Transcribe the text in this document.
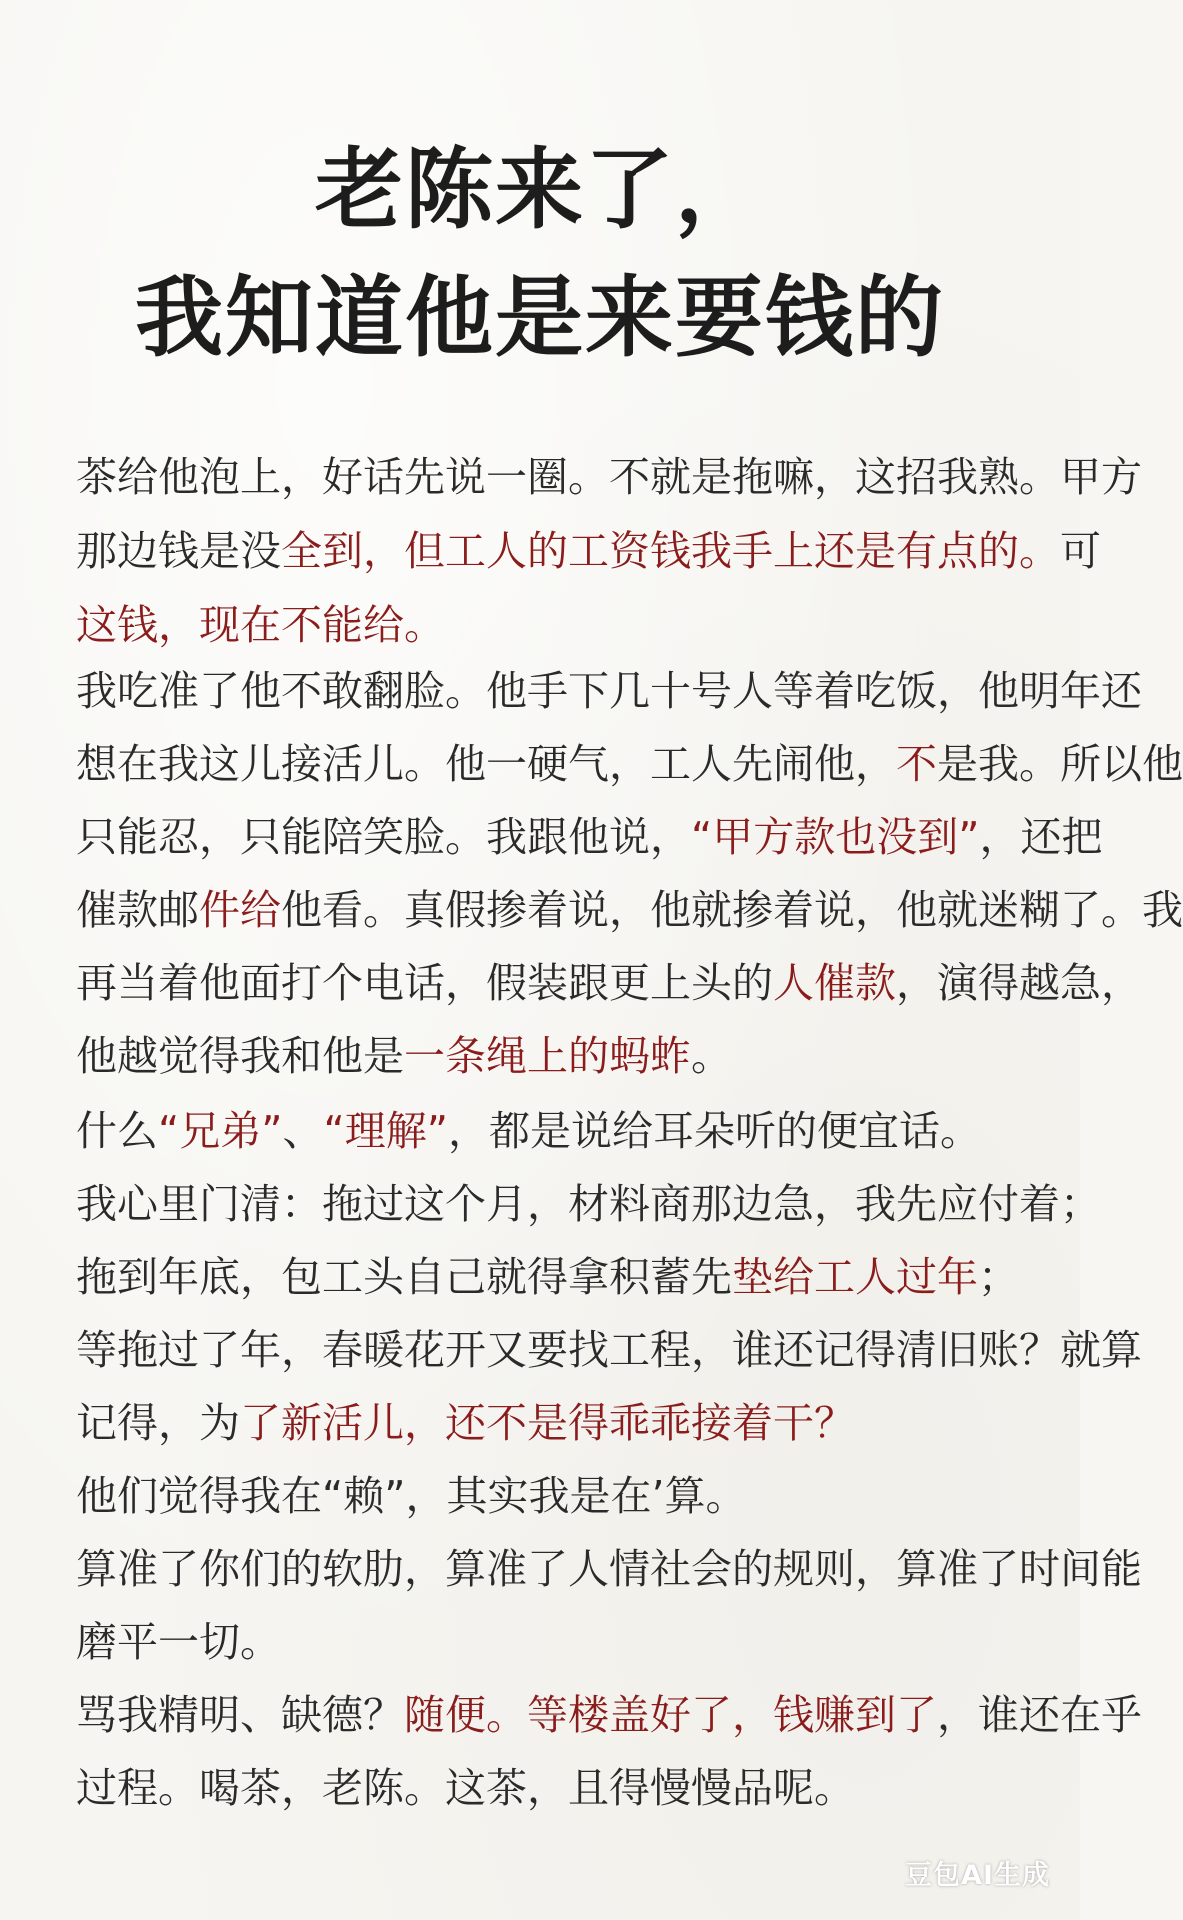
老陈来了，
我知道他是来要钱的
茶给他泡上，好话先说一圈。不就是拖嘛，这招我熟。甲方
那边钱是没全到，但工人的工资钱我手上还是有点的。可
这钱，现在不能给。
我吃准了他不敢翻脸。他手下几十号人等着吃饭，他明年还
想在我这儿接活儿。他一硬气，工人先闹他，不是我。所以他
只能忍，只能陪笑脸。我跟他说，“甲方款也没到”，还把
催款邮件给他看。真假掺着说，他就掺着说，他就迷糊了。我
再当着他面打个电话，假装跟更上头的人催款，演得越急，
他越觉得我和他是一条绳上的蚂蚱。
什么“兄弟”、“理解”，都是说给耳朵听的便宜话。
我心里门清：拖过这个月，材料商那边急，我先应付着；
拖到年底，包工头自己就得拿积蓄先垫给工人过年；
等拖过了年，春暖花开又要找工程，谁还记得清旧账？就算
记得，为了新活儿，还不是得乖乖接着干？
他们觉得我在“赖”，其实我是在’算。
算准了你们的软肋，算准了人情社会的规则，算准了时间能
磨平一切。
骂我精明、缺德？随便。等楼盖好了，钱赚到了，谁还在乎
过程。喝茶，老陈。这茶，且得慢慢品呢。
豆包AI生成
